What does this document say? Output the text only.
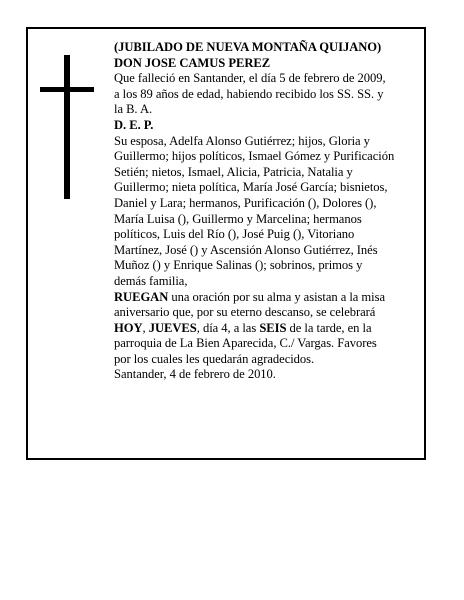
(JUBILADO DE NUEVA MONTAÑA QUIJANO)
DON JOSE CAMUS PEREZ
Que falleció en Santander, el día 5 de febrero de 2009,
a los 89 años de edad, habiendo recibido los SS. SS. y
la B. A.
D. E. P.
Su esposa, Adelfa Alonso Gutiérrez; hijos, Gloria y
Guillermo; hijos políticos, Ismael Gómez y Purificación
Setién; nietos, Ismael, Alicia, Patricia, Natalia y
Guillermo; nieta política, María José García; bisnietos,
Daniel y Lara; hermanos, Purificación (), Dolores (),
María Luisa (), Guillermo y Marcelina; hermanos
políticos, Luis del Río (), José Puig (), Vitoriano
Martínez, José () y Ascensión Alonso Gutiérrez, Inés
Muñoz () y Enrique Salinas (); sobrinos, primos y
demás familia,
RUEGAN una oración por su alma y asistan a la misa
aniversario que, por su eterno descanso, se celebrará
HOY, JUEVES, día 4, a las SEIS de la tarde, en la
parroquia de La Bien Aparecida, C./ Vargas. Favores
por los cuales les quedarán agradecidos.
Santander, 4 de febrero de 2010.
